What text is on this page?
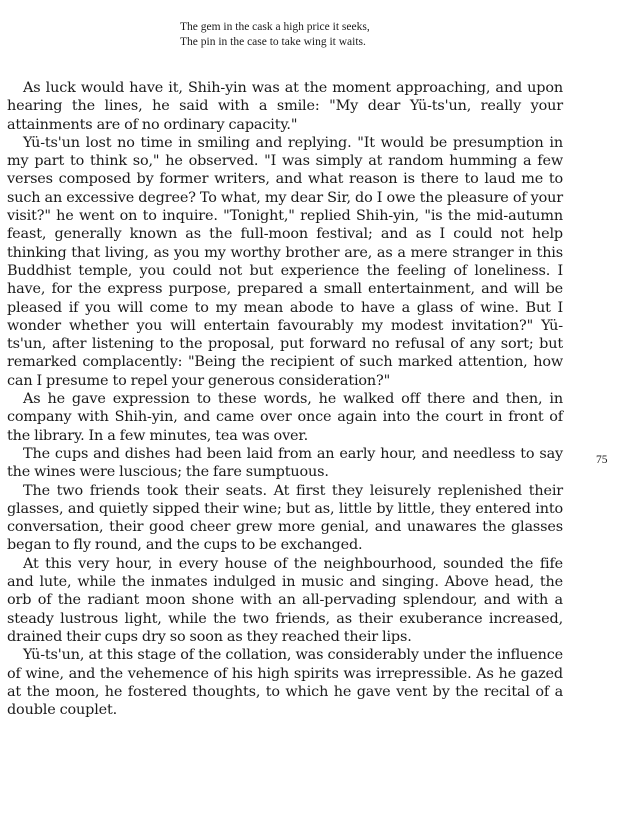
The gem in the cask a high price it seeks,
The pin in the case to take wing it waits.

As luck would have it, Shih-yin was at the moment approaching, and upon hearing the lines, he said with a smile: "My dear Yü-ts'un, really your attainments are of no ordinary capacity."

Yü-ts'un lost no time in smiling and replying. "It would be presumption in my part to think so," he observed. "I was simply at random humming a few verses composed by former writers, and what reason is there to laud me to such an excessive degree? To what, my dear Sir, do I owe the pleasure of your visit?" he went on to inquire. "Tonight," replied Shih-yin, "is the mid-autumn feast, generally known as the full-moon festival; and as I could not help thinking that living, as you my worthy brother are, as a mere stranger in this Buddhist temple, you could not but experience the feeling of loneliness. I have, for the express purpose, prepared a small entertainment, and will be pleased if you will come to my mean abode to have a glass of wine. But I wonder whether you will entertain favourably my modest invitation?" Yü-ts'un, after listening to the proposal, put forward no refusal of any sort; but remarked complacently: "Being the recipient of such marked attention, how can I presume to repel your generous consideration?"

As he gave expression to these words, he walked off there and then, in company with Shih-yin, and came over once again into the court in front of the library. In a few minutes, tea was over.

The cups and dishes had been laid from an early hour, and needless to say the wines were luscious; the fare sumptuous.

The two friends took their seats. At first they leisurely replenished their glasses, and quietly sipped their wine; but as, little by little, they entered into conversation, their good cheer grew more genial, and unawares the glasses began to fly round, and the cups to be exchanged.

At this very hour, in every house of the neighbourhood, sounded the fife and lute, while the inmates indulged in music and singing. Above head, the orb of the radiant moon shone with an all-pervading splendour, and with a steady lustrous light, while the two friends, as their exuberance increased, drained their cups dry so soon as they reached their lips.

Yü-ts'un, at this stage of the collation, was considerably under the influence of wine, and the vehemence of his high spirits was irrepressible. As he gazed at the moon, he fostered thoughts, to which he gave vent by the recital of a double couplet.

75
